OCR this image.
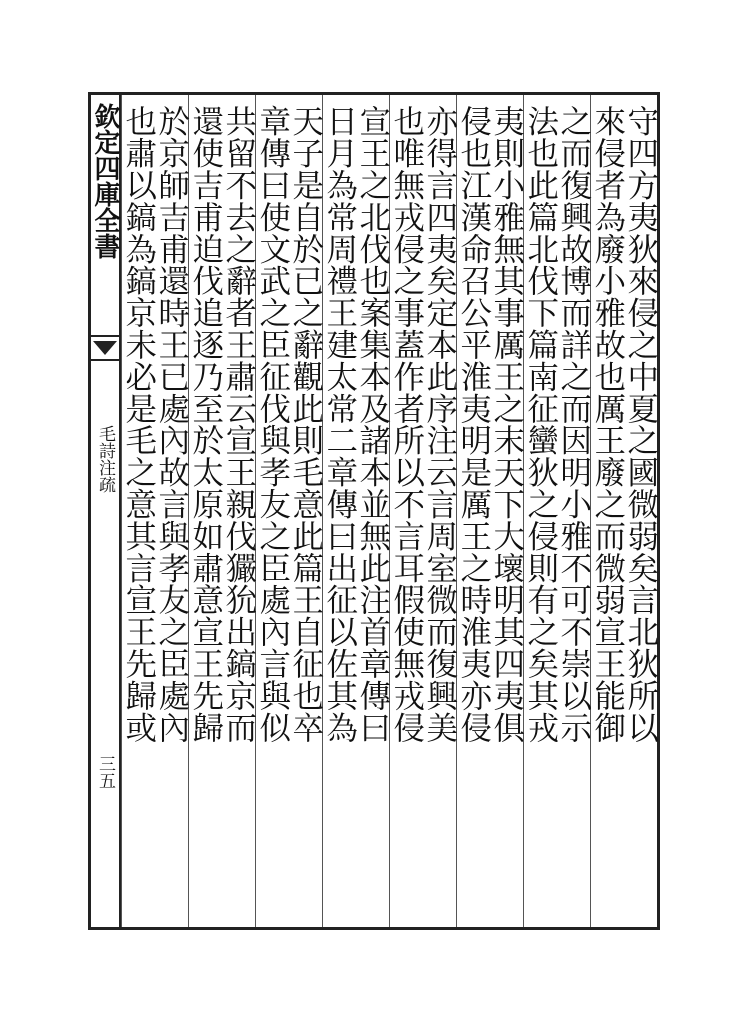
欽定四庫全書
毛詩注疏
三五
守四方夷狄來侵之中夏之國微弱矣言北狄所以
來侵者為廢小雅故也厲王廢之而微弱宣王能御
之而復興故博而詳之而因明小雅不可不崇以示
法也此篇北伐下篇南征蠻狄之侵則有之矣其戎
夷則小雅無其事厲王之末天下大壞明其四夷俱
侵也江漢命召公平淮夷明是厲王之時淮夷亦侵
亦得言四夷矣定本此序注云言周室微而復興美
也唯無戎侵之事蓋作者所以不言耳假使無戎侵
宣王之北伐也案集本及諸本並無此注首章傳曰
日月為常周禮王建太常二章傳曰出征以佐其為
天子是自於已之辭觀此則毛意此篇王自征也卒
章傳曰使文武之臣征伐與孝友之臣處內言與似
共留不去之辭者王肅云宣王親伐玁狁出鎬京而
還使吉甫迫伐追逐乃至於太原如肅意宣王先歸
於京師吉甫還時王已處內故言與孝友之臣處內
也肅以鎬為鎬京未必是毛之意其言宣王先歸或
